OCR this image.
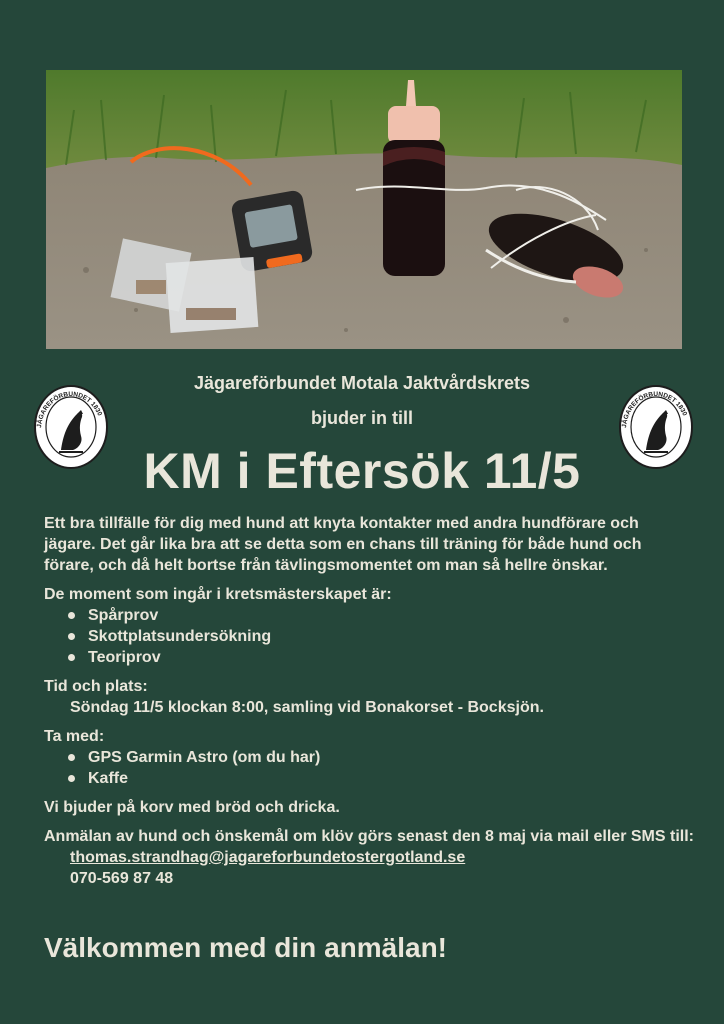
JÄGAREFÖRBUNDET 1830
JÄGAREFÖRBUNDET 1830
Jägareförbundet Motala Jaktvårdskrets
bjuder in till
KM i Eftersök 11/5

Ett bra tillfälle för dig med hund att knyta kontakter med andra hundförare och jägare. Det går lika bra att se detta som en chans till träning för både hund och förare, och då helt bortse från tävlingsmomentet om man så hellre önskar.

De moment som ingår i kretsmästerskapet är:

Spårprov
Skottplatsundersökning
Teoriprov

Tid och plats:

Söndag 11/5 klockan 8:00, samling vid Bonakorset - Bocksjön.

Ta med:

GPS Garmin Astro (om du har)
Kaffe

Vi bjuder på korv med bröd och dricka.

Anmälan av hund och önskemål om klöv görs senast den 8 maj via mail eller SMS till:

thomas.strandhag@jagareforbundetostergotland.se

070-569 87 48

Välkommen med din anmälan!
